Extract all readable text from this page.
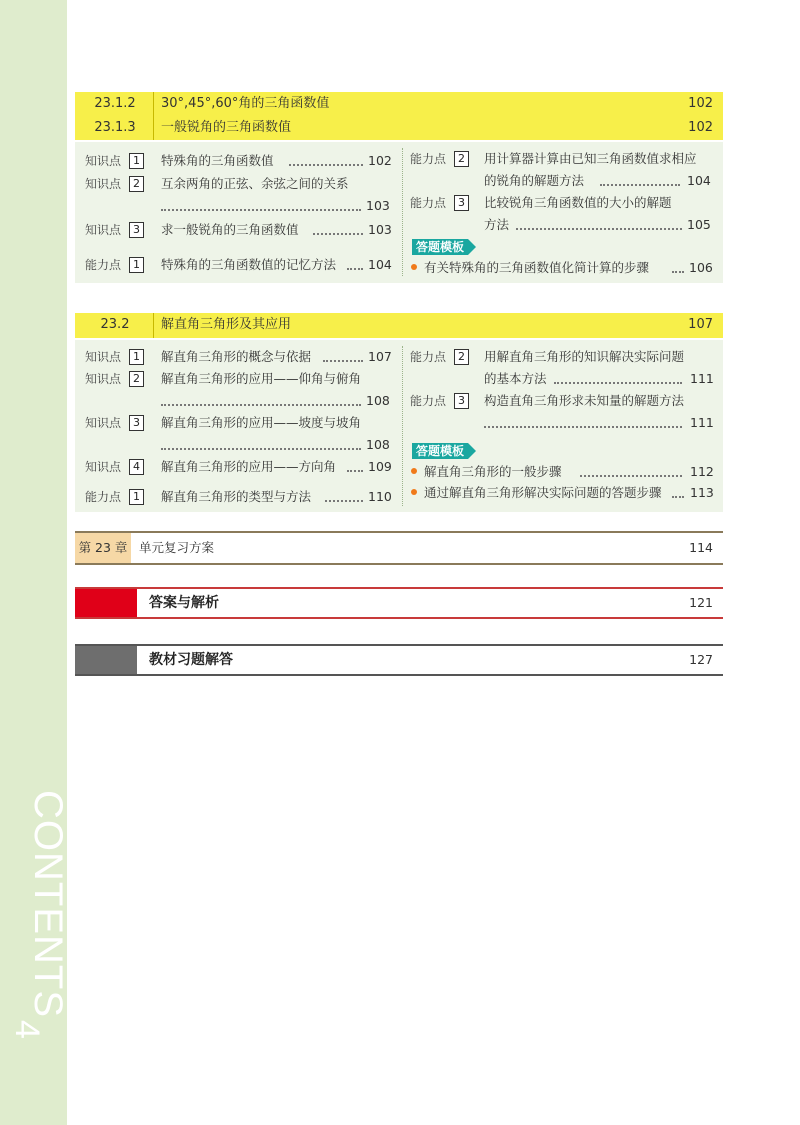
CONTENTS
4
23.1.2	30°,45°,60°角的三角函数值	102
23.1.3	一般锐角的三角函数值	102
知识点	1	特殊角的三角函数值	102
知识点	2	互余两角的正弦、余弦之间的关系
103
知识点	3	求一般锐角的三角函数值	103
能力点	1	特殊角的三角函数值的记忆方法	104
能力点	2	用计算器计算由已知三角函数值求相应
的锐角的解题方法	104
能力点	3	比较锐角三角函数值的大小的解题
方法	105
答题模板
有关特殊角的三角函数值化简计算的步骤	106
23.2	解直角三角形及其应用	107
知识点	1	解直角三角形的概念与依据	107
知识点	2	解直角三角形的应用——仰角与俯角
108
知识点	3	解直角三角形的应用——坡度与坡角
108
知识点	4	解直角三角形的应用——方向角	109
能力点	1	解直角三角形的类型与方法	110
能力点	2	用解直角三角形的知识解决实际问题
的基本方法	111
能力点	3	构造直角三角形求未知量的解题方法
111
答题模板
解直角三角形的一般步骤	112
通过解直角三角形解决实际问题的答题步骤 113
第 23 章 单元复习方案	114
答案与解析	121
教材习题解答	127
